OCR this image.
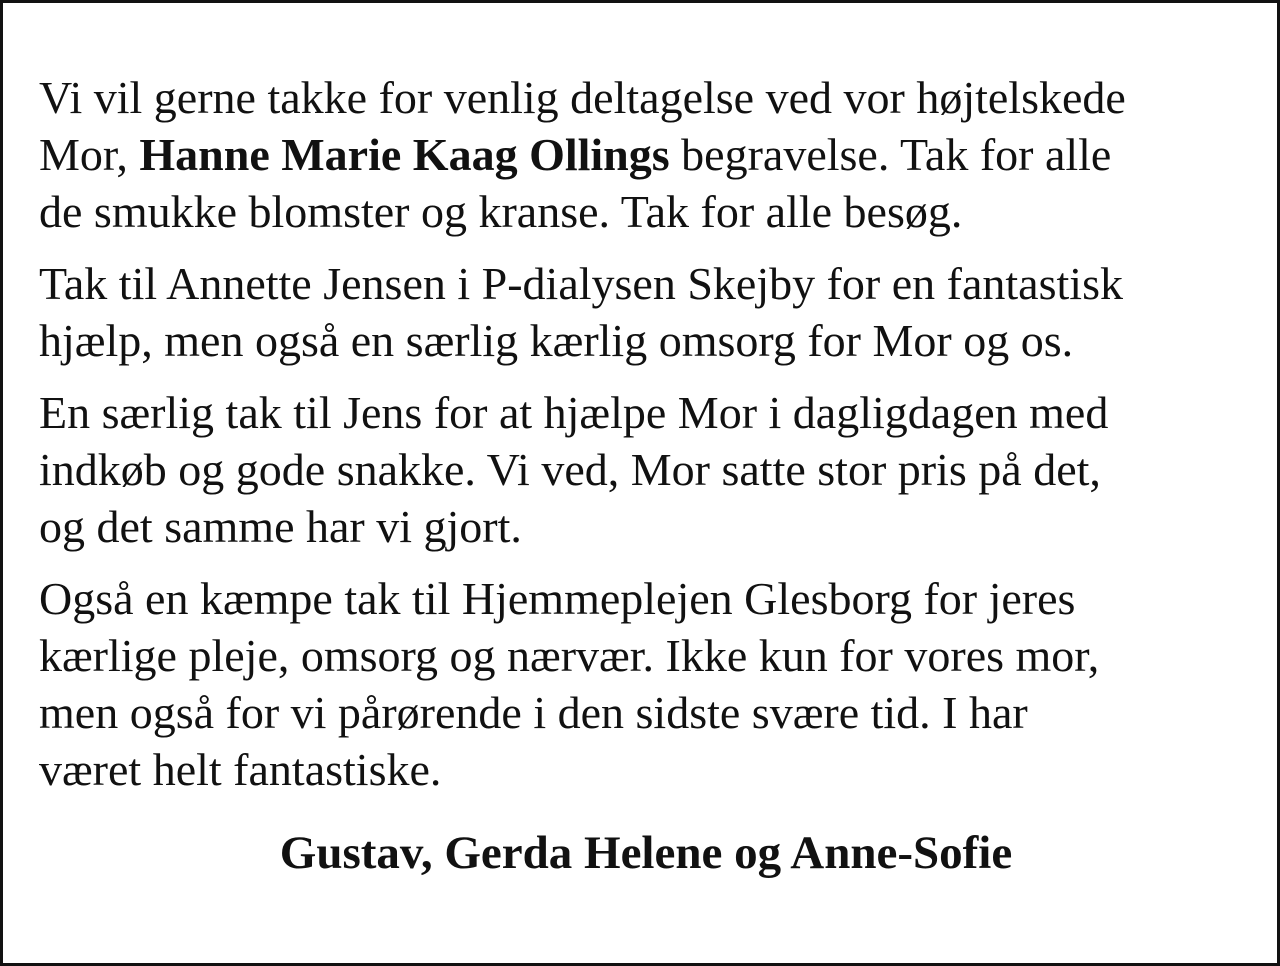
Vi vil gerne takke for venlig deltagelse ved vor højtelskede
Mor, Hanne Marie Kaag Ollings begravelse. Tak for alle
de smukke blomster og kranse. Tak for alle besøg.

Tak til Annette Jensen i P-dialysen Skejby for en fantastisk
hjælp, men også en særlig kærlig omsorg for Mor og os.

En særlig tak til Jens for at hjælpe Mor i dagligdagen med
indkøb og gode snakke. Vi ved, Mor satte stor pris på det,
og det samme har vi gjort.

Også en kæmpe tak til Hjemmeplejen Glesborg for jeres
kærlige pleje, omsorg og nærvær. Ikke kun for vores mor,
men også for vi pårørende i den sidste svære tid. I har
været helt fantastiske.

Gustav, Gerda Helene og Anne-Sofie
